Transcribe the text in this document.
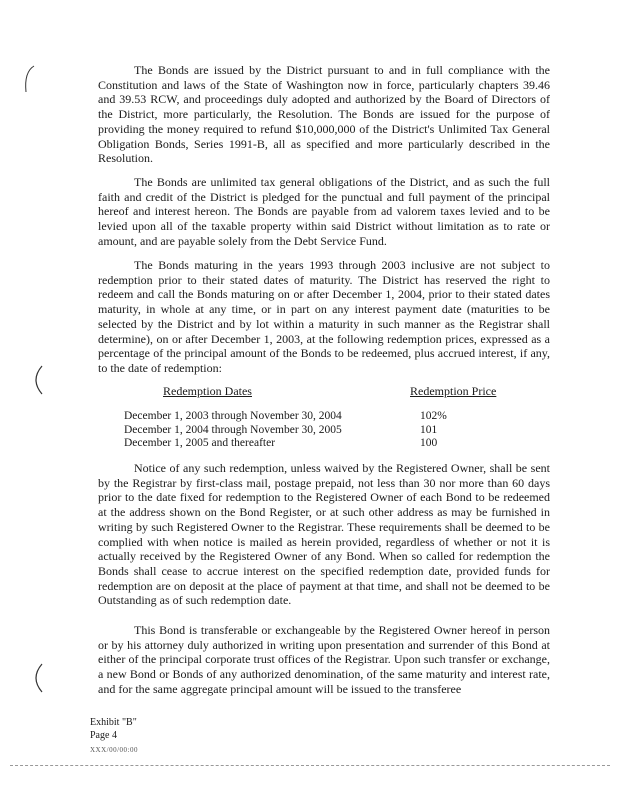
The Bonds are issued by the District pursuant to and in full compliance with the Constitution and laws of the State of Washington now in force, particularly chapters 39.46 and 39.53 RCW, and proceedings duly adopted and authorized by the Board of Directors of the District, more particularly, the Resolution. The Bonds are issued for the purpose of providing the money required to refund $10,000,000 of the District's Unlimited Tax General Obligation Bonds, Series 1991-B, all as specified and more particularly described in the Resolution.

The Bonds are unlimited tax general obligations of the District, and as such the full faith and credit of the District is pledged for the punctual and full payment of the principal hereof and interest hereon. The Bonds are payable from ad valorem taxes levied and to be levied upon all of the taxable property within said District without limitation as to rate or amount, and are payable solely from the Debt Service Fund.

The Bonds maturing in the years 1993 through 2003 inclusive are not subject to redemption prior to their stated dates of maturity. The District has reserved the right to redeem and call the Bonds maturing on or after December 1, 2004, prior to their stated dates maturity, in whole at any time, or in part on any interest payment date (maturities to be selected by the District and by lot within a maturity in such manner as the Registrar shall determine), on or after December 1, 2003, at the following redemption prices, expressed as a percentage of the principal amount of the Bonds to be redeemed, plus accrued interest, if any, to the date of redemption:

Redemption Dates	Redemption Price
December 1, 2003 through November 30, 2004	102%
December 1, 2004 through November 30, 2005	101
December 1, 2005 and thereafter	100

Notice of any such redemption, unless waived by the Registered Owner, shall be sent by the Registrar by first-class mail, postage prepaid, not less than 30 nor more than 60 days prior to the date fixed for redemption to the Registered Owner of each Bond to be redeemed at the address shown on the Bond Register, or at such other address as may be furnished in writing by such Registered Owner to the Registrar. These requirements shall be deemed to be complied with when notice is mailed as herein provided, regardless of whether or not it is actually received by the Registered Owner of any Bond. When so called for redemption the Bonds shall cease to accrue interest on the specified redemption date, provided funds for redemption are on deposit at the place of payment at that time, and shall not be deemed to be Outstanding as of such redemption date.

This Bond is transferable or exchangeable by the Registered Owner hereof in person or by his attorney duly authorized in writing upon presentation and surrender of this Bond at either of the principal corporate trust offices of the Registrar. Upon such transfer or exchange, a new Bond or Bonds of any authorized denomination, of the same maturity and interest rate, and for the same aggregate principal amount will be issued to the transferee

Exhibit "B"
Page 4
XXX/00/00:00
